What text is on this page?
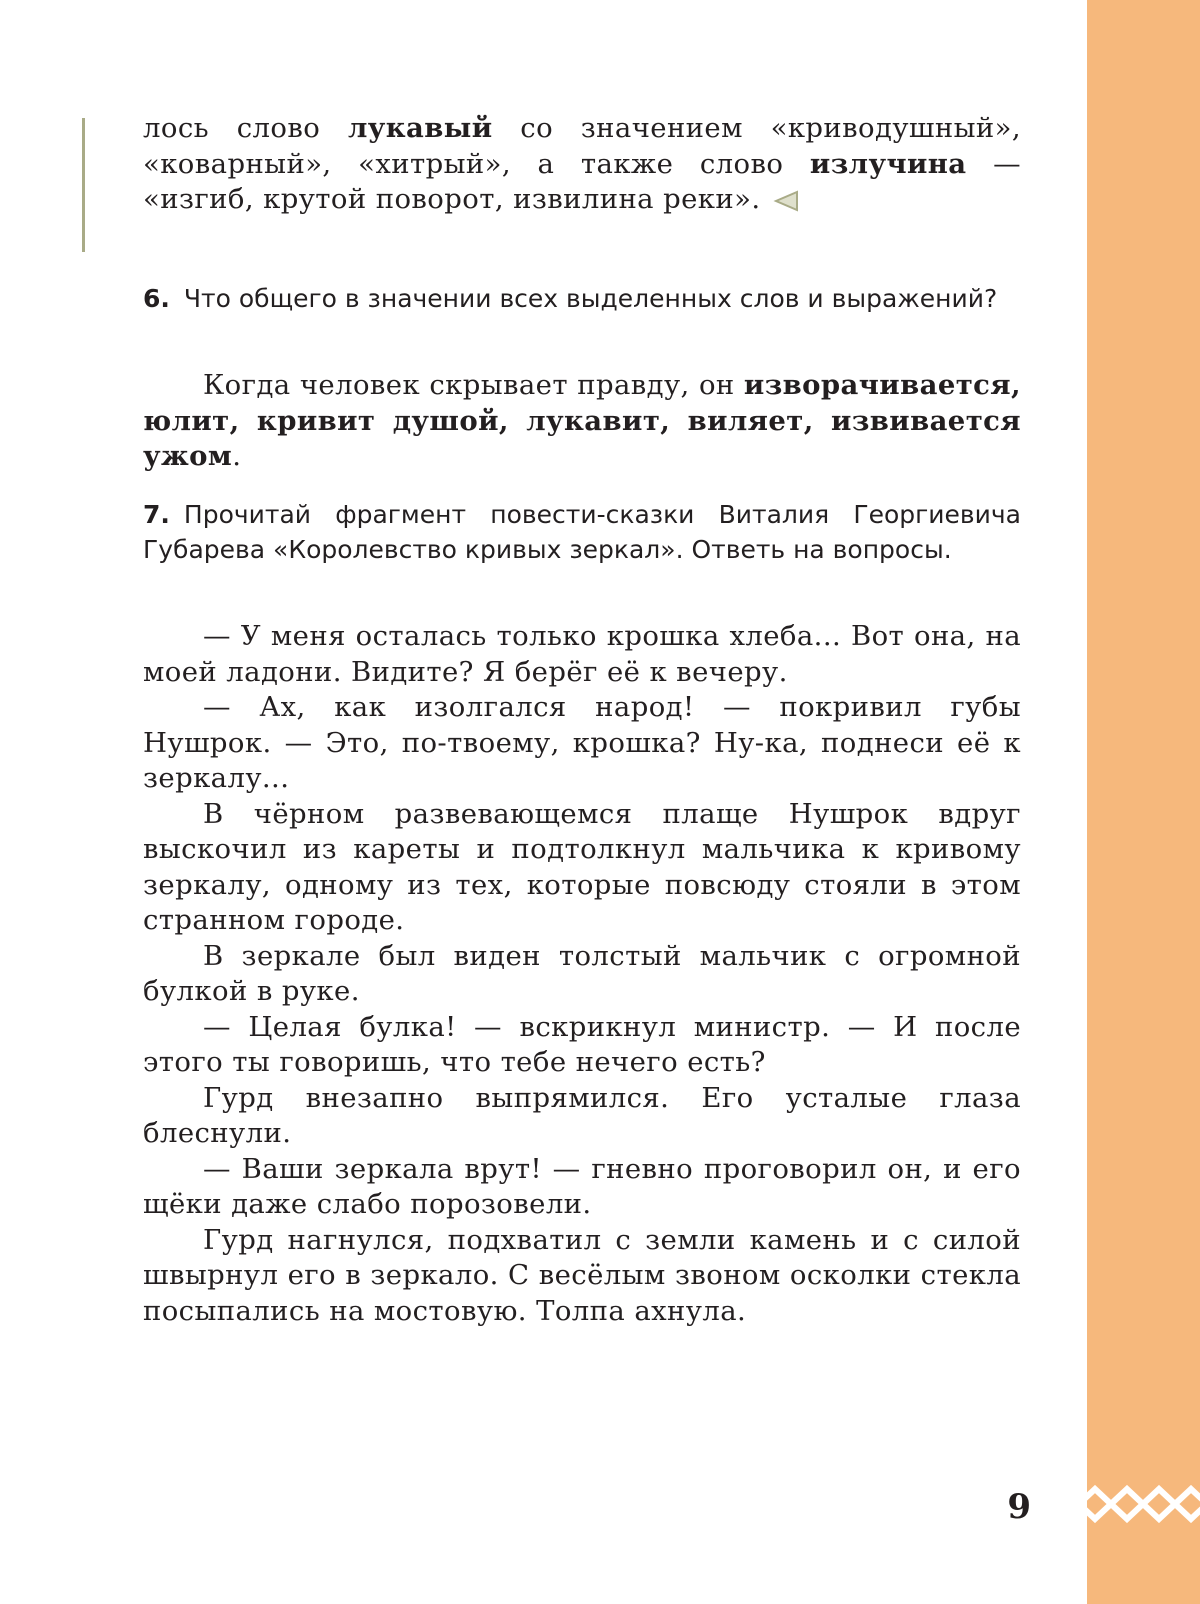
лось слово лукавый со значением «криводушный», «коварный», «хитрый», а также слово излучина — «изгиб, крутой поворот, извилина реки».

6. Что общего в значении всех выделенных слов и выражений?

Когда человек скрывает правду, он изворачивается, юлит, кривит душой, лукавит, виляет, извивается ужом.

7. Прочитай фрагмент повести-сказки Виталия Георгиевича Губарева «Королевство кривых зеркал». Ответь на вопросы.

— У меня осталась только крошка хлеба... Вот она, на моей ладони. Видите? Я берёг её к вечеру.

— Ах, как изолгался народ! — покривил губы Нушрок. — Это, по-твоему, крошка? Ну-ка, поднеси её к зеркалу...

В чёрном развевающемся плаще Нушрок вдруг выскочил из кареты и подтолкнул мальчика к кривому зеркалу, одному из тех, которые повсюду стояли в этом странном городе.

В зеркале был виден толстый мальчик с огромной булкой в руке.

— Целая булка! — вскрикнул министр. — И после этого ты говоришь, что тебе нечего есть?

Гурд внезапно выпрямился. Его усталые глаза блеснули.

— Ваши зеркала врут! — гневно проговорил он, и его щёки даже слабо порозовели.

Гурд нагнулся, подхватил с земли камень и с силой швырнул его в зеркало. С весёлым звоном осколки стекла посыпались на мостовую. Толпа ахнула.

9
